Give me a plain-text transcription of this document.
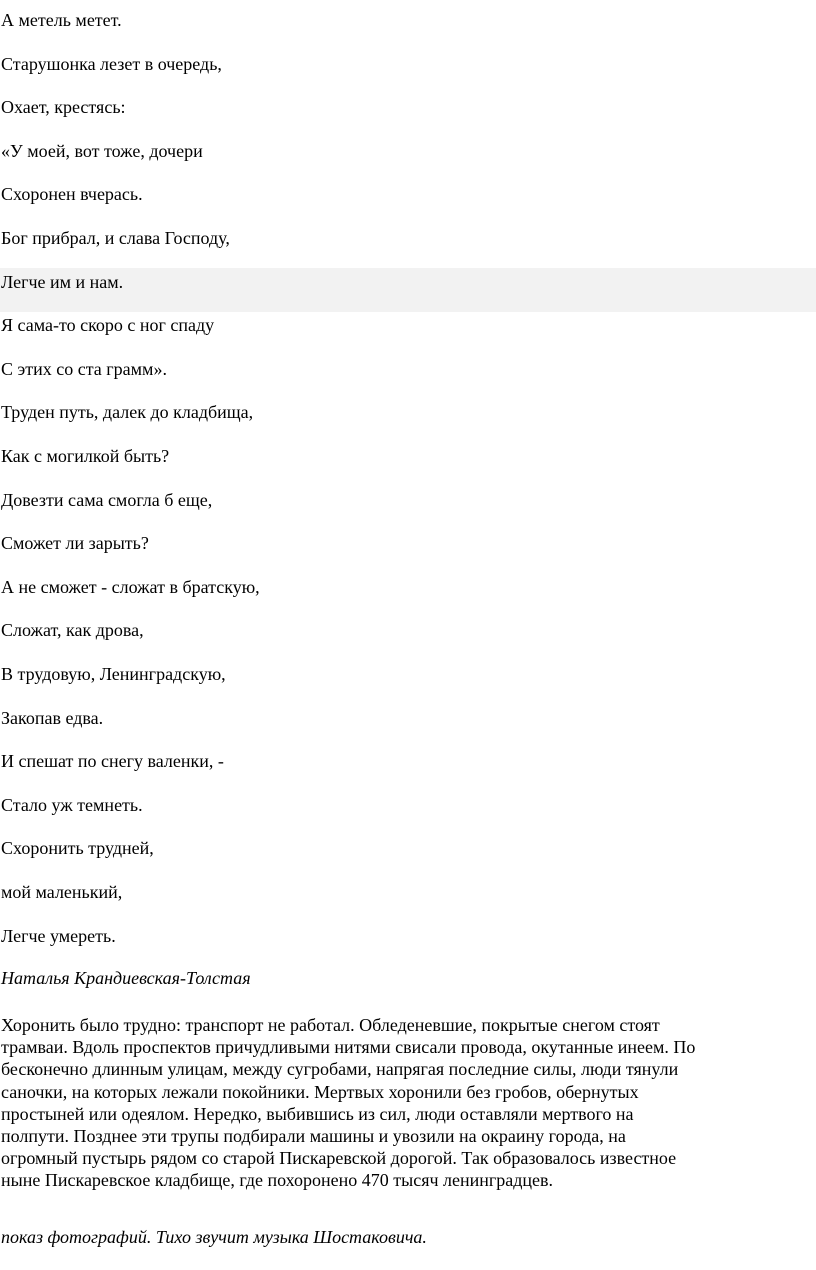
А метель метет.
Старушонка лезет в очередь,
Охает, крестясь:
«У моей, вот тоже, дочери
Схоронен вчерась.
Бог прибрал, и слава Господу,
Легче им и нам.
Я сама-то скоро с ног спаду
С этих со ста грамм».
Труден путь, далек до кладбища,
Как с могилкой быть?
Довезти сама смогла б еще,
Сможет ли зарыть?
А не сможет - сложат в братскую,
Сложат, как дрова,
В трудовую, Ленинградскую,
Закопав едва.
И спешат по снегу валенки, -
Стало уж темнеть.
Схоронить трудней,
мой маленький,
Легче умереть.
Наталья Крандиевская-Толстая
Хоронить было трудно: транспорт не работал. Обледеневшие, покрытые снегом стоят
трамваи. Вдоль проспектов причудливыми нитями свисали провода, окутанные инеем. По
бесконечно длинным улицам, между сугробами, напрягая последние силы, люди тянули
саночки, на которых лежали покойники. Мертвых хоронили без гробов, обернутых
простыней или одеялом. Нередко, выбившись из сил, люди оставляли мертвого на
полпути. Позднее эти трупы подбирали машины и увозили на окраину города, на
огромный пустырь рядом со старой Пискаревской дорогой. Так образовалось известное
ныне Пискаревское кладбище, где похоронено 470 тысяч ленинградцев.
показ фотографий. Тихо звучит музыка Шостаковича.
